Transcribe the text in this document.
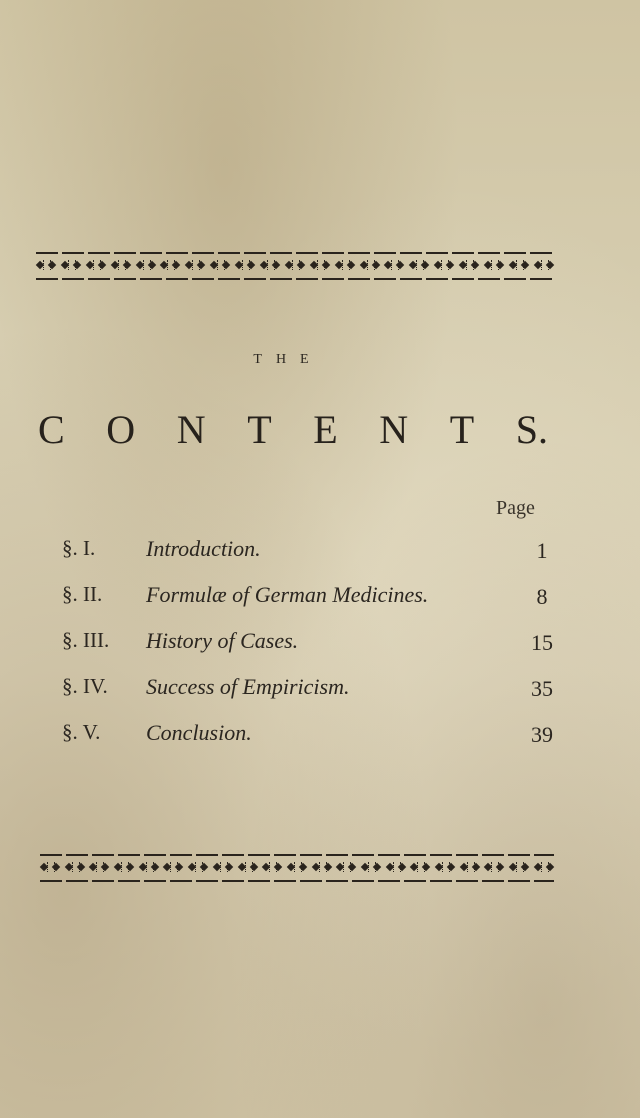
THE
C O N T E N T S.
Page
§. I. Introduction.	1
§. II. Formulæ of German Medicines.	8
§. III. History of Cases.	15
§. IV. Success of Empiricism.	35
§. V. Conclusion.	39
